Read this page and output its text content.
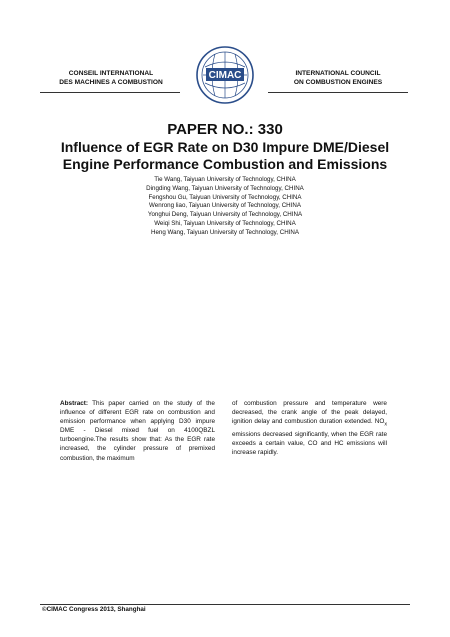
CONSEIL INTERNATIONAL
DES MACHINES A COMBUSTION
CIMAC	INTERNATIONAL COUNCIL
ON COMBUSTION ENGINES
PAPER NO.: 330
Influence of EGR Rate on D30 Impure DME/Diesel
Engine Performance Combustion and Emissions
Tie Wang, Taiyuan University of Technology, CHINA
Dingding Wang, Taiyuan University of Technology, CHINA
Fengshou Gu, Taiyuan University of Technology, CHINA
Wenrong liao, Taiyuan University of Technology, CHINA
Yonghui Deng, Taiyuan University of Technology, CHINA
Weiqi Shi, Taiyuan University of Technology, CHINA
Heng Wang, Taiyuan University of Technology, CHINA
Abstract: This paper carried on the study of the influence of different EGR rate on combustion and emission performance when applying D30 impure DME - Diesel mixed fuel on 4100QBZL turboengine.The results show that: As the EGR rate increased, the cylinder pressure of premixed combustion, the maximum
of combustion pressure and temperature were decreased, the crank angle of the peak delayed, ignition delay and combustion duration extended. $NO_x$ emissions decreased significantly, when the EGR rate exceeds a certain value, CO and HC emissions will increase rapidly.
©CIMAC Congress 2013, Shanghai
